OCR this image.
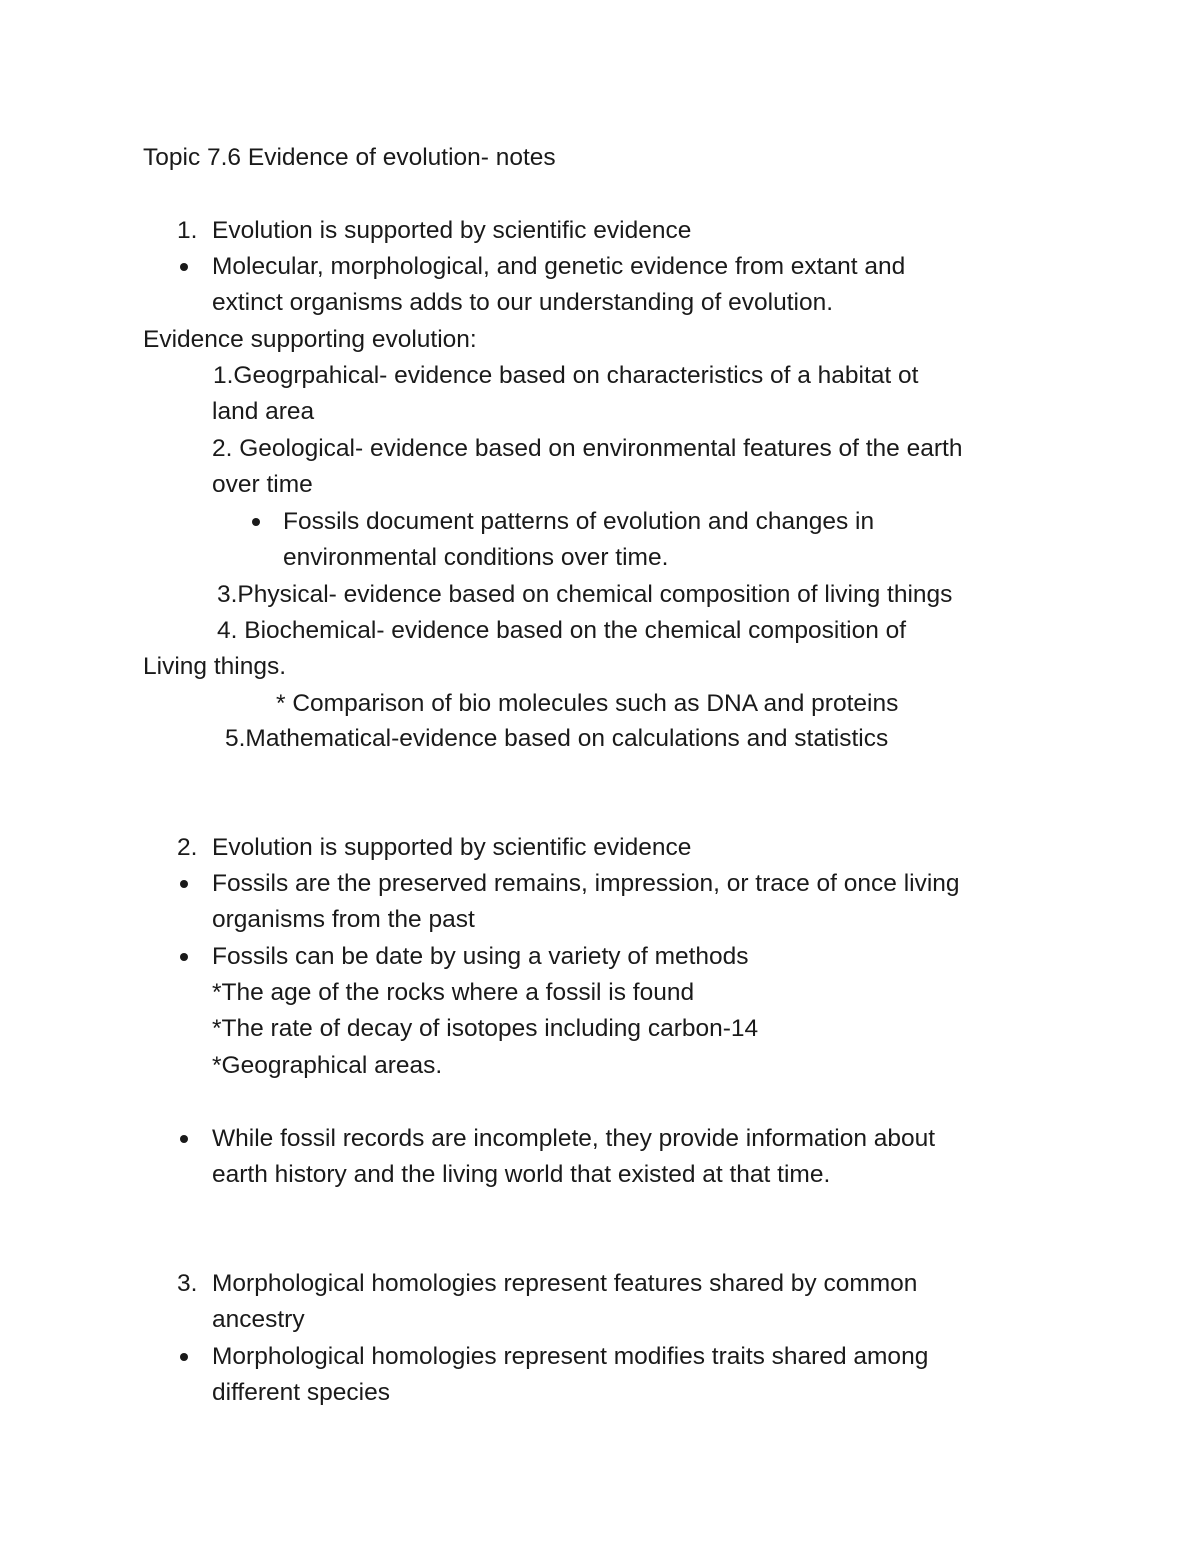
Topic 7.6 Evidence of evolution- notes

1. Evolution is supported by scientific evidence

Molecular, morphological, and genetic evidence from extant and

extinct organisms adds to our understanding of evolution.

Evidence supporting evolution:

1.Geogrpahical- evidence based on characteristics of a habitat ot

land area

2. Geological- evidence based on environmental features of the earth

over time

Fossils document patterns of evolution and changes in

environmental conditions over time.

3.Physical- evidence based on chemical composition of living things

4. Biochemical- evidence based on the chemical composition of

Living things.

* Comparison of bio molecules such as DNA and proteins

5.Mathematical-evidence based on calculations and statistics

2. Evolution is supported by scientific evidence

Fossils are the preserved remains, impression, or trace of once living

organisms from the past

Fossils can be date by using a variety of methods

*The age of the rocks where a fossil is found

*The rate of decay of isotopes including carbon-14

*Geographical areas.

While fossil records are incomplete, they provide information about

earth history and the living world that existed at that time.

3. Morphological homologies represent features shared by common

ancestry

Morphological homologies represent modifies traits shared among

different species
